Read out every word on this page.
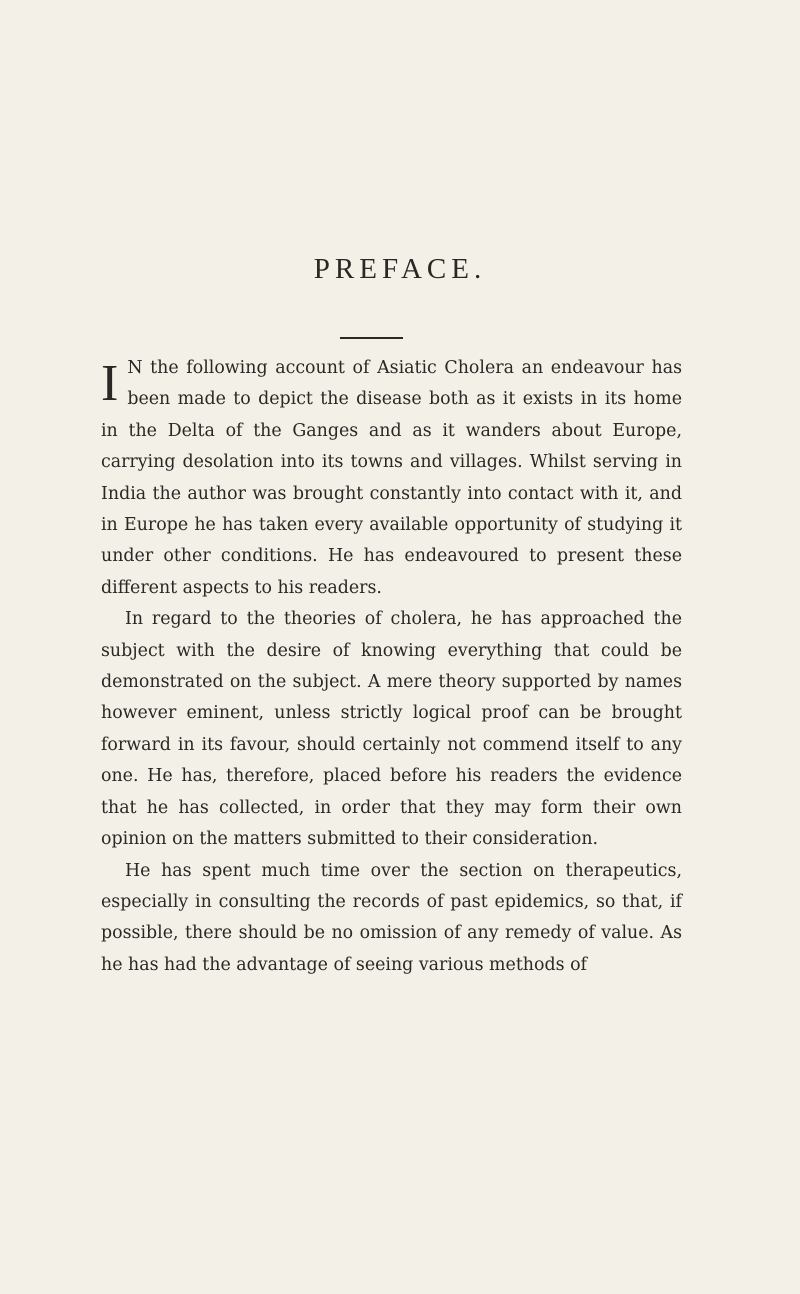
PREFACE.

I N the following account of Asiatic Cholera an endeavour has been made to depict the disease both as it exists in its home in the Delta of the Ganges and as it wanders about Europe, carrying desolation into its towns and villages. Whilst serving in India the author was brought constantly into contact with it, and in Europe he has taken every available opportunity of studying it under other conditions. He has endeavoured to present these different aspects to his readers.

In regard to the theories of cholera, he has approached the subject with the desire of knowing everything that could be demonstrated on the subject. A mere theory supported by names however eminent, unless strictly logical proof can be brought forward in its favour, should certainly not commend itself to any one. He has, therefore, placed before his readers the evidence that he has collected, in order that they may form their own opinion on the matters submitted to their consideration.

He has spent much time over the section on therapeutics, especially in consulting the records of past epidemics, so that, if possible, there should be no omission of any remedy of value. As he has had the advantage of seeing various methods of
